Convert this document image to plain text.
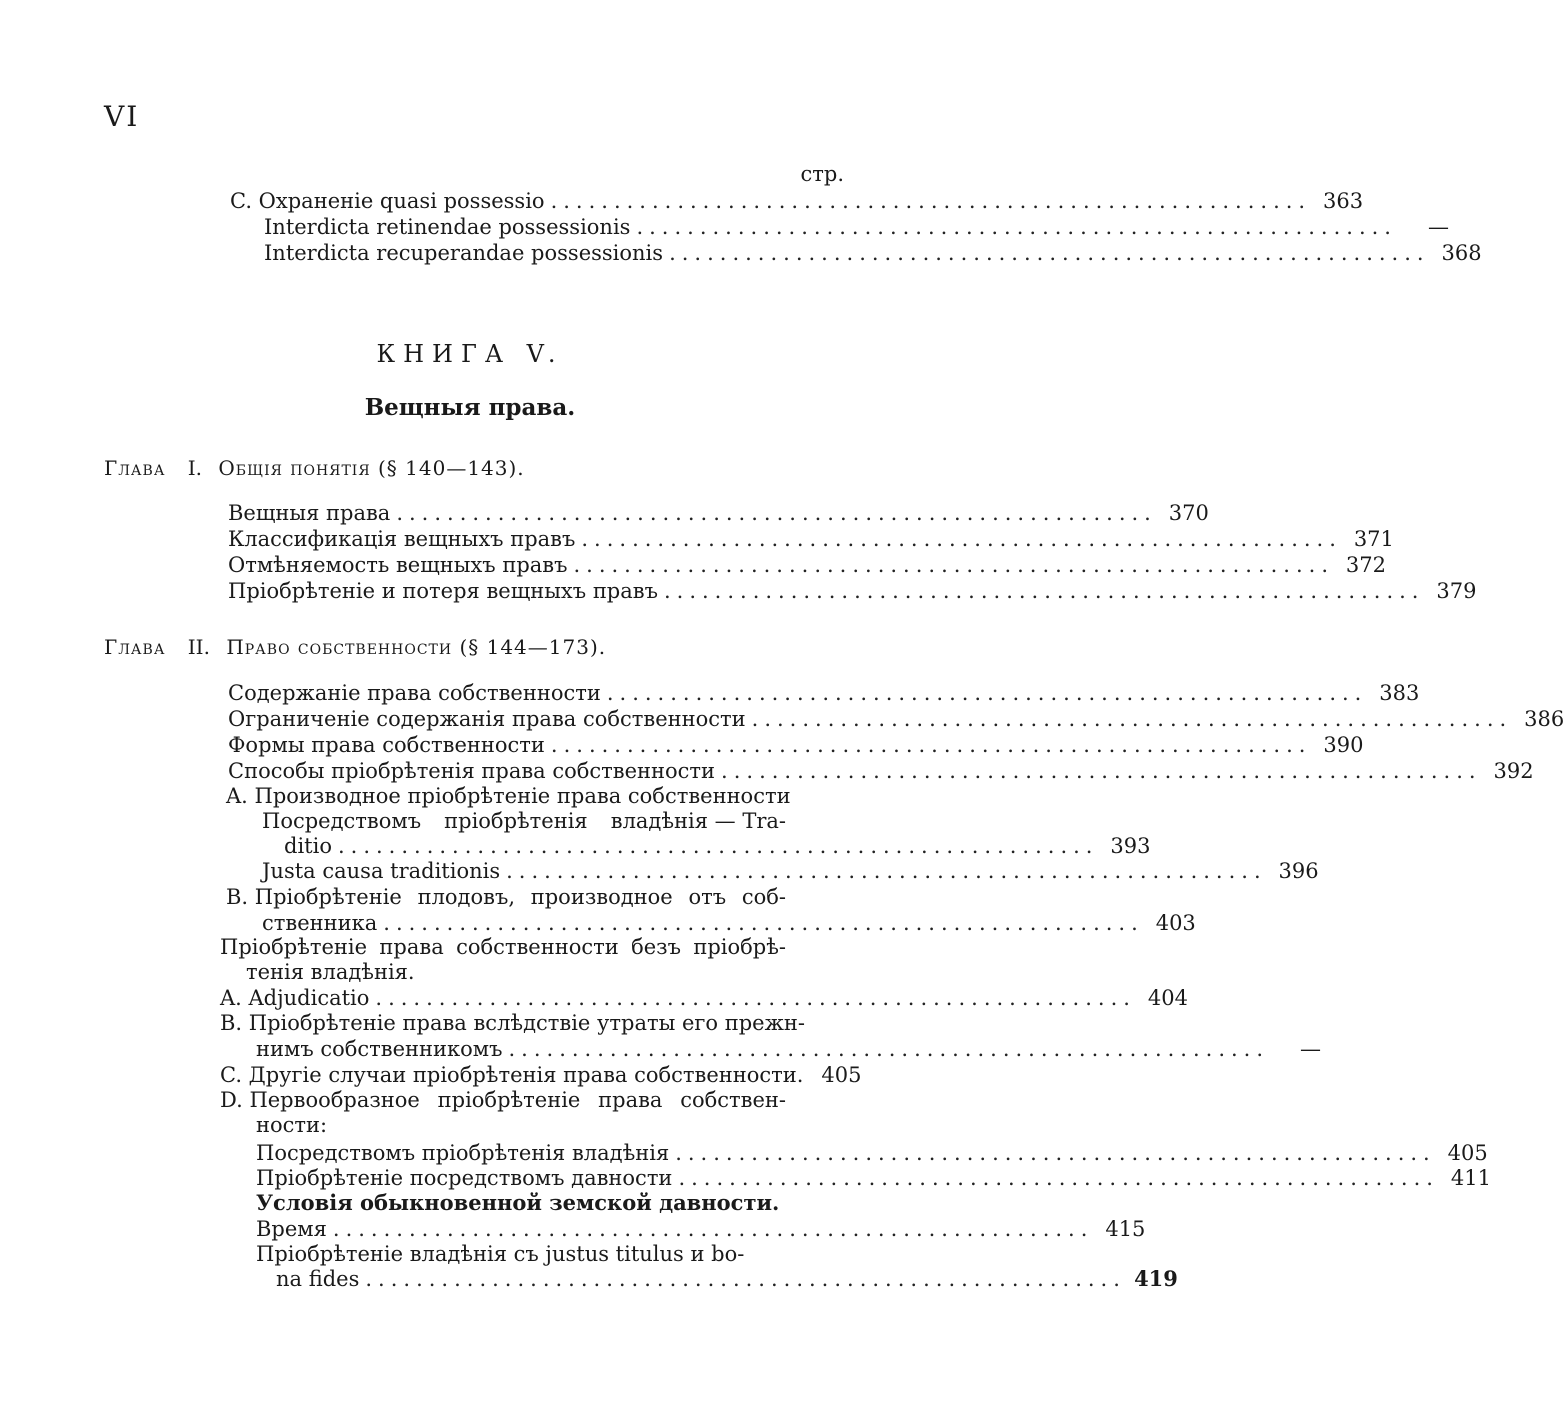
VI
стр.
C. Охраненіе quasi possessio ............................................................ 363
Interdicta retinendae possessionis ............................................................	—
Interdicta recuperandae possessionis ............................................................ 368
КНИГА V.
Вещныя права.
Глава I. Общія понятія (§ 140—143).
Вещныя права ............................................................ 370
Классификація вещныхъ правъ ............................................................ 371
Отмѣняемость вещныхъ правъ ............................................................ 372
Пріобрѣтеніе и потеря вещныхъ правъ ............................................................ 379
Глава II. Право собственности (§ 144—173).
Содержаніе права собственности ............................................................ 383
Ограниченіе содержанія права собственности ............................................................ 386
Формы права собственности ............................................................ 390
Способы пріобрѣтенія права собственности ............................................................ 392
A. Производное пріобрѣтеніе права собственности
Посредствомъ пріобрѣтенія владѣнія — Tra-
ditio ............................................................ 393
Justa causa traditionis ............................................................ 396
B. Пріобрѣтеніе плодовъ, производное отъ соб-
ственника ............................................................ 403
Пріобрѣтеніе права собственности безъ пріобрѣ-
тенія владѣнія.
A. Adjudicatio ............................................................ 404
B. Пріобрѣтеніе права вслѣдствіе утраты его прежн-
нимъ собственникомъ ............................................................	—
C. Другіе случаи пріобрѣтенія права собственности. 405
D. Первообразное пріобрѣтеніе права собствен-
ности:
Посредствомъ пріобрѣтенія владѣнія ............................................................ 405
Пріобрѣтеніе посредствомъ давности ............................................................ 411
Условія обыкновенной земской давности.
Время ............................................................ 415
Пріобрѣтеніе владѣнія съ justus titulus и bo-
na fides ............................................................ 419
